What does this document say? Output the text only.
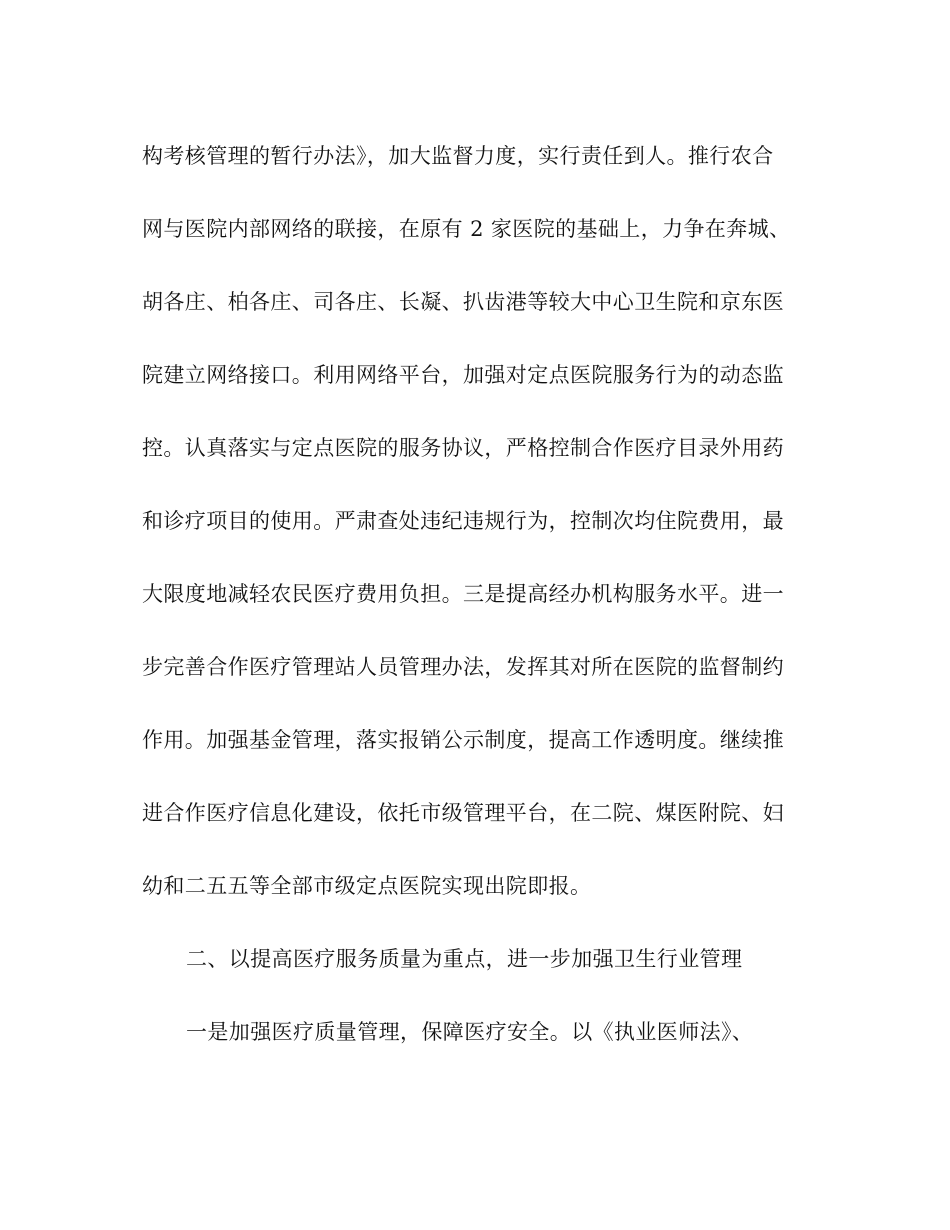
构考核管理的暂行办法》，加大监督力度，实行责任到人。推行农合
网与医院内部网络的联接，在原有 2 家医院的基础上，力争在奔城、
胡各庄、柏各庄、司各庄、长凝、扒齿港等较大中心卫生院和京东医
院建立网络接口。利用网络平台，加强对定点医院服务行为的动态监
控。认真落实与定点医院的服务协议，严格控制合作医疗目录外用药
和诊疗项目的使用。严肃查处违纪违规行为，控制次均住院费用，最
大限度地减轻农民医疗费用负担。三是提高经办机构服务水平。进一
步完善合作医疗管理站人员管理办法，发挥其对所在医院的监督制约
作用。加强基金管理，落实报销公示制度，提高工作透明度。继续推
进合作医疗信息化建设，依托市级管理平台，在二院、煤医附院、妇
幼和二五五等全部市级定点医院实现出院即报。
二、以提高医疗服务质量为重点，进一步加强卫生行业管理
一是加强医疗质量管理，保障医疗安全。以《执业医师法》、
